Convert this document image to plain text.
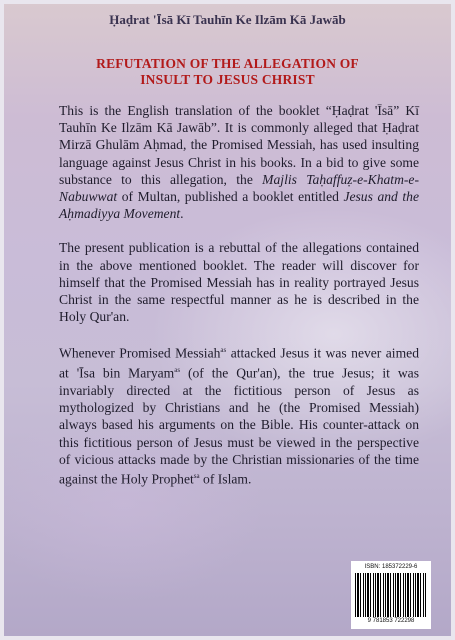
Ḥaḍrat 'Īsā Kī Tauhīn Ke Ilzām Kā Jawāb
REFUTATION OF THE ALLEGATION OF
INSULT TO JESUS CHRIST

This is the English translation of the booklet “Ḥaḍrat 'Īsā” Kī Tauhīn Ke Ilzām Kā Jawāb”. It is commonly alleged that Ḥaḍrat Mirzā Ghulām Aḥmad, the Promised Messiah, has used insulting language against Jesus Christ in his books. In a bid to give some substance to this allegation, the Majlis Taḥaffuẓ-e-Khatm-e-Nabuwwat of Multan, published a booklet entitled Jesus and the Aḥmadiyya Movement.

The present publication is a rebuttal of the allegations contained in the above mentioned booklet. The reader will discover for himself that the Promised Messiah has in reality portrayed Jesus Christ in the same respectful manner as he is described in the Holy Qur'an.

Whenever Promised Messiah$^{as}$ attacked Jesus it was never aimed at 'Īsa bin Maryam$^{as}$ (of the Qur'an), the true Jesus; it was invariably directed at the fictitious person of Jesus as mythologized by Christians and he (the Promised Messiah) always based his arguments on the Bible. His counter-attack on this fictitious person of Jesus must be viewed in the perspective of vicious attacks made by the Christian missionaries of the time against the Holy Prophet$^{sa}$ of Islam.

ISBN: 185372229-6
9 781853 722298
